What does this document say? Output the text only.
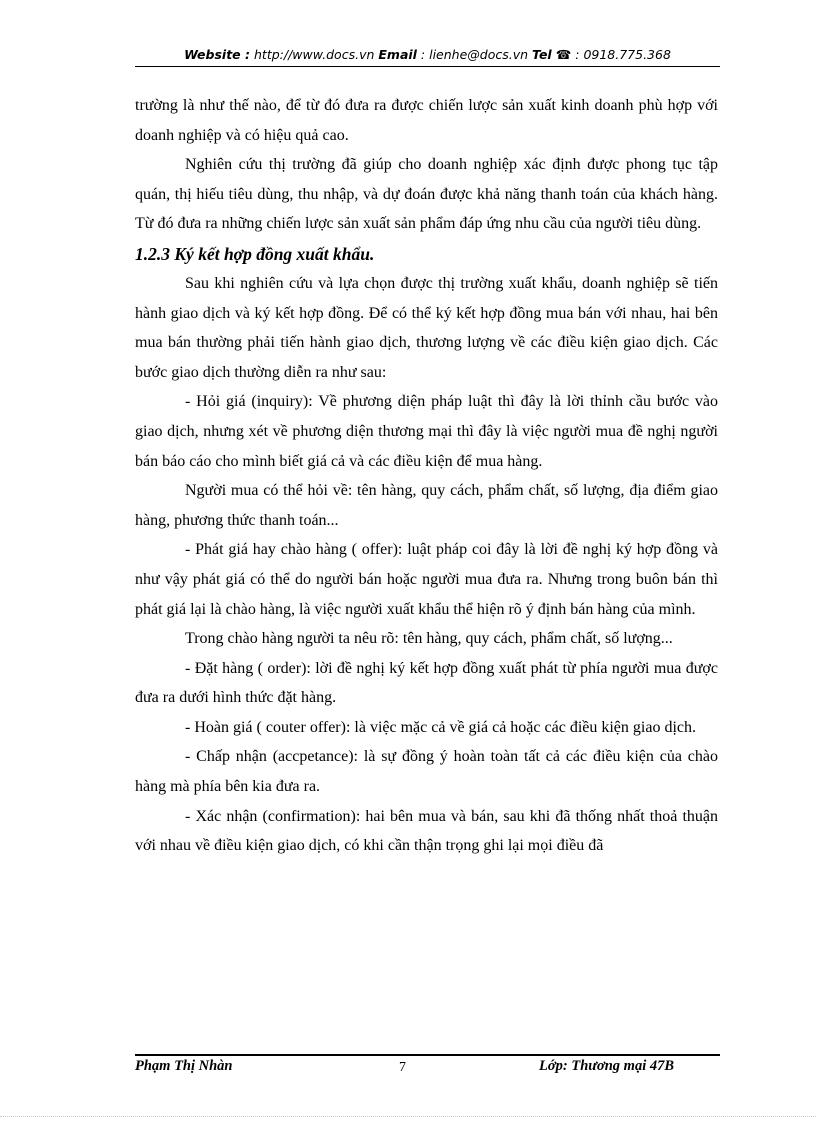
Website : http://www.docs.vn Email : lienhe@docs.vn Tel ☎ : 0918.775.368

trường là như thế nào, để từ đó đưa ra được chiến lược sản xuất kinh doanh phù hợp với doanh nghiệp và có hiệu quả cao.

Nghiên cứu thị trường đã giúp cho doanh nghiệp xác định được phong tục tập quán, thị hiếu tiêu dùng, thu nhập, và dự đoán được khả năng thanh toán của khách hàng. Từ đó đưa ra những chiến lược sản xuất sản phẩm đáp ứng nhu cầu của người tiêu dùng.

1.2.3 Ký kết hợp đồng xuất khẩu.

Sau khi nghiên cứu và lựa chọn được thị trường xuất khẩu, doanh nghiệp sẽ tiến hành giao dịch và ký kết hợp đồng. Để có thể ký kết hợp đồng mua bán với nhau, hai bên mua bán thường phải tiến hành giao dịch, thương lượng về các điều kiện giao dịch. Các bước giao dịch thường diễn ra như sau:

- Hỏi giá (inquiry): Về phương diện pháp luật thì đây là lời thỉnh cầu bước vào giao dịch, nhưng xét về phương diện thương mại thì đây là việc người mua đề nghị người bán báo cáo cho mình biết giá cả và các điều kiện để mua hàng.

Người mua có thể hỏi về: tên hàng, quy cách, phẩm chất, số lượng, địa điểm giao hàng, phương thức thanh toán...

- Phát giá hay chào hàng ( offer): luật pháp coi đây là lời đề nghị ký hợp đồng và như vậy phát giá có thể do người bán hoặc người mua đưa ra. Nhưng trong buôn bán thì phát giá lại là chào hàng, là việc người xuất khẩu thể hiện rõ ý định bán hàng của mình.

Trong chào hàng người ta nêu rõ: tên hàng, quy cách, phẩm chất, số lượng...

- Đặt hàng ( order): lời đề nghị ký kết hợp đồng xuất phát từ phía người mua được đưa ra dưới hình thức đặt hàng.

- Hoàn giá ( couter offer): là việc mặc cả về giá cả hoặc các điều kiện giao dịch.

- Chấp nhận (accpetance): là sự đồng ý hoàn toàn tất cả các điều kiện của chào hàng mà phía bên kia đưa ra.

- Xác nhận (confirmation): hai bên mua và bán, sau khi đã thống nhất thoả thuận với nhau về điều kiện giao dịch, có khi cần thận trọng ghi lại mọi điều đã

Phạm Thị Nhàn	7	Lớp: Thương mại 47B
